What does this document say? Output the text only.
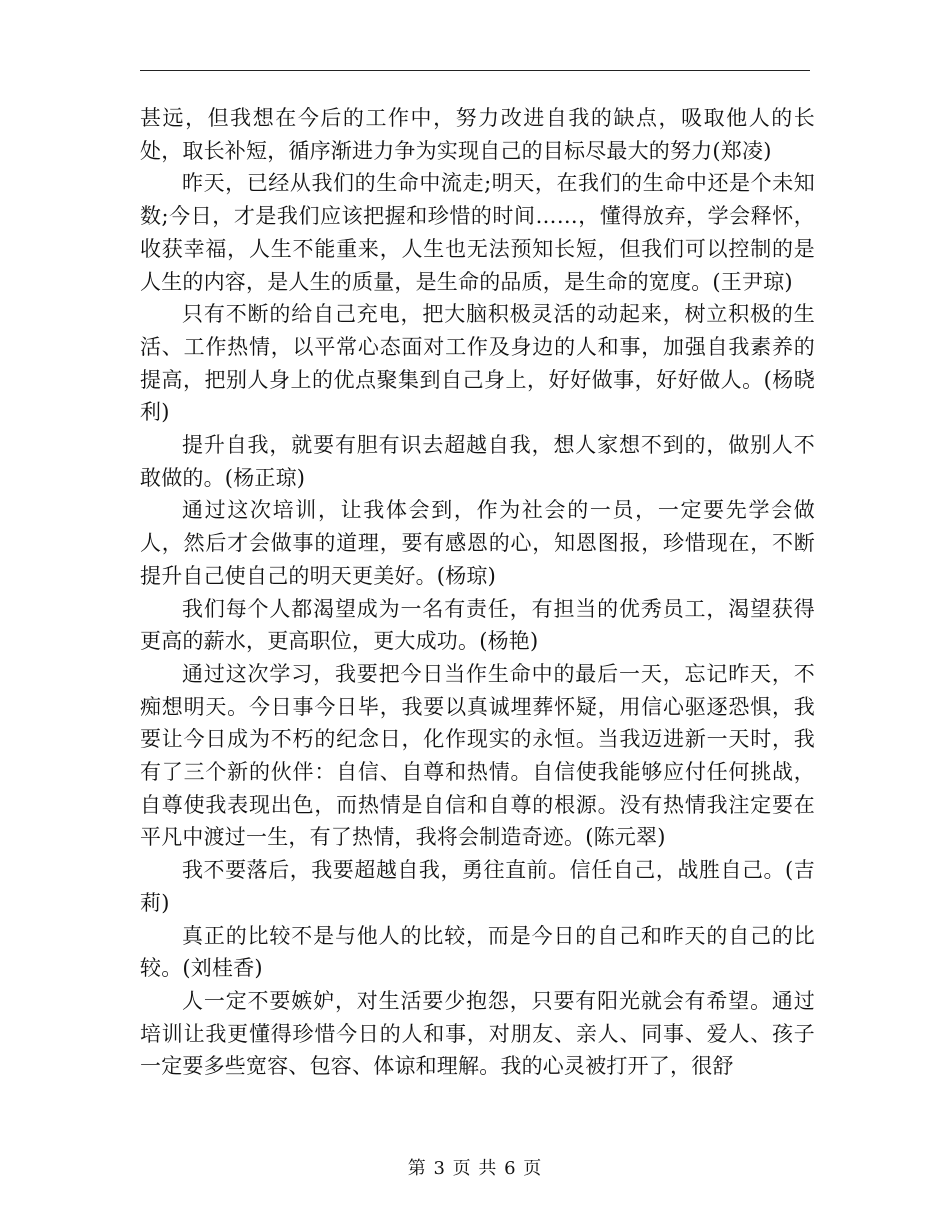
甚远，但我想在今后的工作中，努力改进自我的缺点，吸取他人的长处，取长补短，循序渐进力争为实现自己的目标尽最大的努力(郑凌)

昨天，已经从我们的生命中流走;明天，在我们的生命中还是个未知数;今日，才是我们应该把握和珍惜的时间……，懂得放弃，学会释怀，收获幸福，人生不能重来，人生也无法预知长短，但我们可以控制的是人生的内容，是人生的质量，是生命的品质，是生命的宽度。(王尹琼)

只有不断的给自己充电，把大脑积极灵活的动起来，树立积极的生活、工作热情，以平常心态面对工作及身边的人和事，加强自我素养的提高，把别人身上的优点聚集到自己身上，好好做事，好好做人。(杨晓利)

提升自我，就要有胆有识去超越自我，想人家想不到的，做别人不敢做的。(杨正琼)

通过这次培训，让我体会到，作为社会的一员，一定要先学会做人，然后才会做事的道理，要有感恩的心，知恩图报，珍惜现在，不断提升自己使自己的明天更美好。(杨琼)

我们每个人都渴望成为一名有责任，有担当的优秀员工，渴望获得更高的薪水，更高职位，更大成功。(杨艳)

通过这次学习，我要把今日当作生命中的最后一天，忘记昨天，不痴想明天。今日事今日毕，我要以真诚埋葬怀疑，用信心驱逐恐惧，我要让今日成为不朽的纪念日，化作现实的永恒。当我迈进新一天时，我有了三个新的伙伴：自信、自尊和热情。自信使我能够应付任何挑战，自尊使我表现出色，而热情是自信和自尊的根源。没有热情我注定要在平凡中渡过一生，有了热情，我将会制造奇迹。(陈元翠)

我不要落后，我要超越自我，勇往直前。信任自己，战胜自己。(吉莉)

真正的比较不是与他人的比较，而是今日的自己和昨天的自己的比较。(刘桂香)

人一定不要嫉妒，对生活要少抱怨，只要有阳光就会有希望。通过培训让我更懂得珍惜今日的人和事，对朋友、亲人、同事、爱人、孩子一定要多些宽容、包容、体谅和理解。我的心灵被打开了，很舒

第 3 页 共 6 页
